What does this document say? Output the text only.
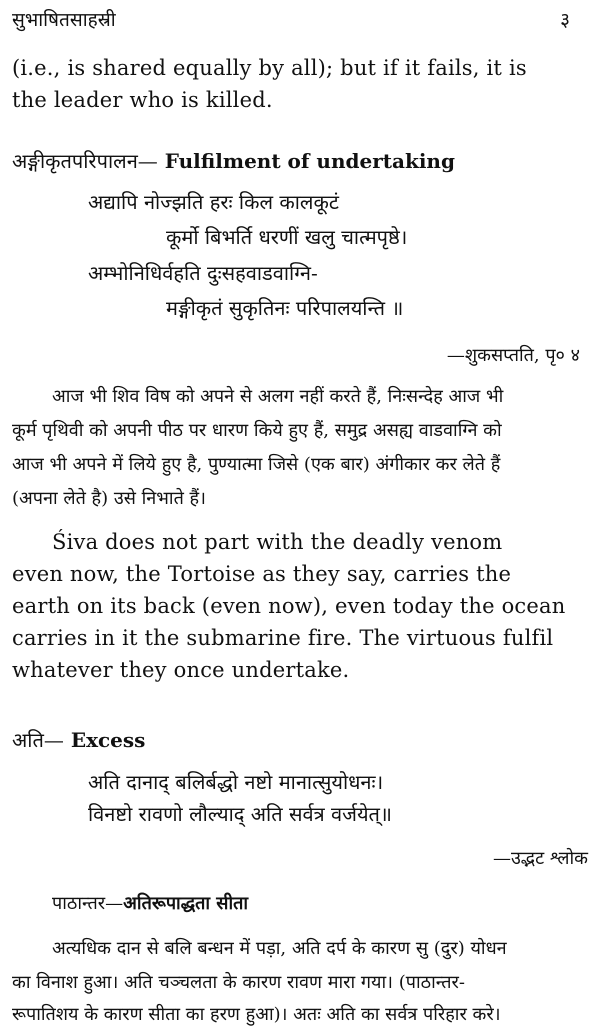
सुभाषितसाहस्री	३
(i.e., is shared equally by all); but if it fails, it is
the leader who is killed.
अङ्गीकृतपरिपालन— Fulfilment of undertaking
अद्यापि नोज्झति हरः किल कालकूटं
कूर्मो बिभर्ति धरणीं खलु चात्मपृष्ठे।
अम्भोनिधिर्वहति दुःसहवाडवाग्नि-
मङ्गीकृतं सुकृतिनः परिपालयन्ति ॥
—शुकसप्तति, पृ० ४
आज भी शिव विष को अपने से अलग नहीं करते हैं, निःसन्देह आज भी
कूर्म पृथिवी को अपनी पीठ पर धारण किये हुए हैं, समुद्र असह्य वाडवाग्नि को
आज भी अपने में लिये हुए है, पुण्यात्मा जिसे (एक बार) अंगीकार कर लेते हैं
(अपना लेते है) उसे निभाते हैं।
Śiva does not part with the deadly venom
even now, the Tortoise as they say, carries the
earth on its back (even now), even today the ocean
carries in it the submarine fire. The virtuous fulfil
whatever they once undertake.
अति— Excess
अति दानाद् बलिर्बद्धो नष्टो मानात्सुयोधनः।
विनष्टो रावणो लौल्याद् अति सर्वत्र वर्जयेत्॥
—उद्भट श्लोक
पाठान्तर—अतिरूपाद्धता सीता
अत्यधिक दान से बलि बन्धन में पड़ा, अति दर्प के कारण सु (दुर) योधन
का विनाश हुआ। अति चञ्चलता के कारण रावण मारा गया। (पाठान्तर-
रूपातिशय के कारण सीता का हरण हुआ)। अतः अति का सर्वत्र परिहार करे।
